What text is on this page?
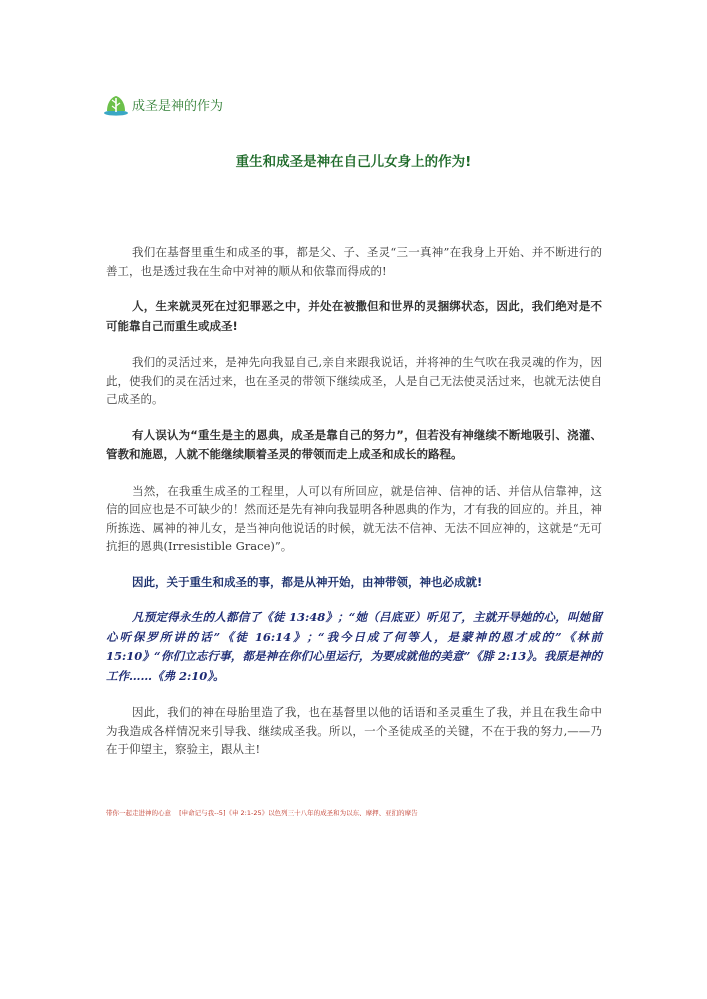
成圣是神的作为
重生和成圣是神在自己儿女身上的作为!

我们在基督里重生和成圣的事，都是父、子、圣灵“三一真神”在我身上开始、并不断进行的善工，也是透过我在生命中对神的顺从和依靠而得成的!

人，生来就灵死在过犯罪恶之中，并处在被撒但和世界的灵捆绑状态，因此，我们绝对是不可能靠自己而重生或成圣!

我们的灵活过来，是神先向我显自己,亲自来跟我说话，并将神的生气吹在我灵魂的作为，因此，使我们的灵在活过来，也在圣灵的带领下继续成圣，人是自己无法使灵活过来，也就无法使自己成圣的。

有人误认为“重生是主的恩典，成圣是靠自己的努力”，但若没有神继续不断地吸引、浇灌、管教和施恩，人就不能继续顺着圣灵的带领而走上成圣和成长的路程。

当然，在我重生成圣的工程里，人可以有所回应，就是信神、信神的话、并信从信靠神，这信的回应也是不可缺少的！然而还是先有神向我显明各种恩典的作为，才有我的回应的。并且，神所拣选、属神的神儿女，是当神向他说话的时候，就无法不信神、无法不回应神的，这就是“无可抗拒的恩典(Irresistible Grace)”。

因此，关于重生和成圣的事，都是从神开始，由神带领，神也必成就!

凡预定得永生的人都信了《徒 13:48》；“她（吕底亚）听见了，主就开导她的心，叫她留心听保罗所讲的话”《徒 16:14》；“我今日成了何等人，是蒙神的恩才成的”《林前 15:10》“你们立志行事，都是神在你们心里运行，为要成就他的美意”《腓 2:13》。我原是神的工作……《弗 2:10》。

因此，我们的神在母胎里造了我，也在基督里以他的话语和圣灵重生了我，并且在我生命中为我造成各样情况来引导我、继续成圣我。所以，一个圣徒成圣的关键，不在于我的努力,——乃在于仰望主，察验主，跟从主!

带你一起走进神的心意 [申命记与我--5]《申 2:1-25》以色列三十八年的成圣和为以东、摩押、亚扪的摩告
